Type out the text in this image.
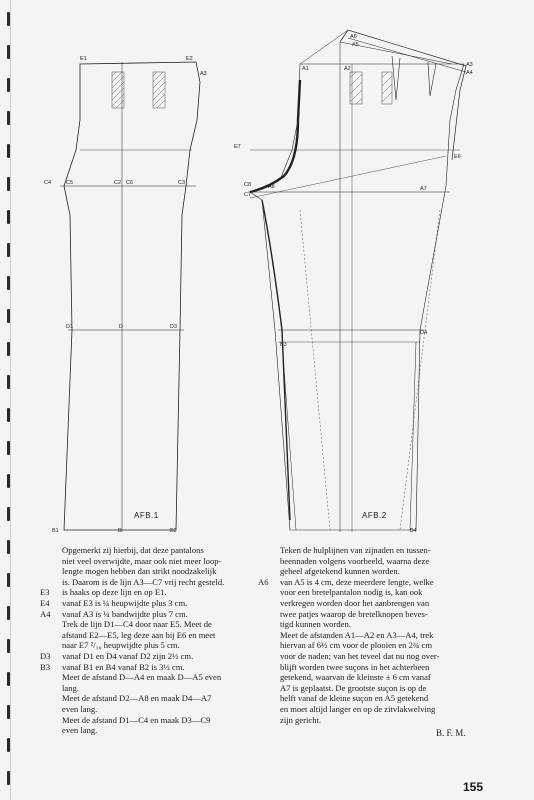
E1	E2
A3
C4	C5	C2 C6	C3
D1	D	D3
B1	B	B2
AFB.1
A6
A5
A1	A2
A3
A4
E7
E6
C8
C7
A8	A7
D4
B3
B4
AFB.2
Opgemerkt zij hierbij, dat deze pantalons
niet veel overwijdte, maar ook niet meer loop-
lengte mogen hebben dan strikt noodzakelijk
is. Daarom is de lijn A3—C7 vrij recht gesteld.
E3	is haaks op deze lijn en op E1.
E4	vanaf E3 is ¼ heupwijdte plus 3 cm.
A4	vanaf A3 is ¼ bandwijdte plus 7 cm.
Trek de lijn D1—C4 door naar E5. Meet de
afstand E2—E5, leg deze aan bij E6 en meet
naar E7 ²/₁₀ heupwijdte plus 5 cm.
D3	vanaf D1 en D4 vanaf D2 zijn 2½ cm.
B3	vanaf B1 en B4 vanaf B2 is 3½ cm.
Meet de afstand D—A4 en maak D—A5 even
lang.
Meet de afstand D2—A8 en maak D4—A7
even lang.
Meet de afstand D1—C4 en maak D3—C9
even lang.
Teken de hulplijnen van zijnaden en tussen-
beennaden volgens voorbeeld, waarna deze
geheel afgetekend kunnen worden.
A6	van A5 is 4 cm, deze meerdere lengte, welke
voor een bretelpantalon nodig is, kan ook
verkregen worden door het aanbrengen van
twee patjes waarop de bretelknopen beves-
tigd kunnen worden.
Meet de afstanden A1—A2 en A3—A4, trek
hiervan af 6½ cm voor de plooien en 2¾ cm
voor de naden; van het teveel dat nu nog over-
blijft worden twee suçons in het achterbeen
getekend, waarvan de kleinste ± 6 cm vanaf
A7 is geplaatst. De grootste suçon is op de
helft vanaf de kleine suçon en A5 getekend
en moet altijd langer en op de zitvlakwelving
zijn gericht.
B. F. M.
155
